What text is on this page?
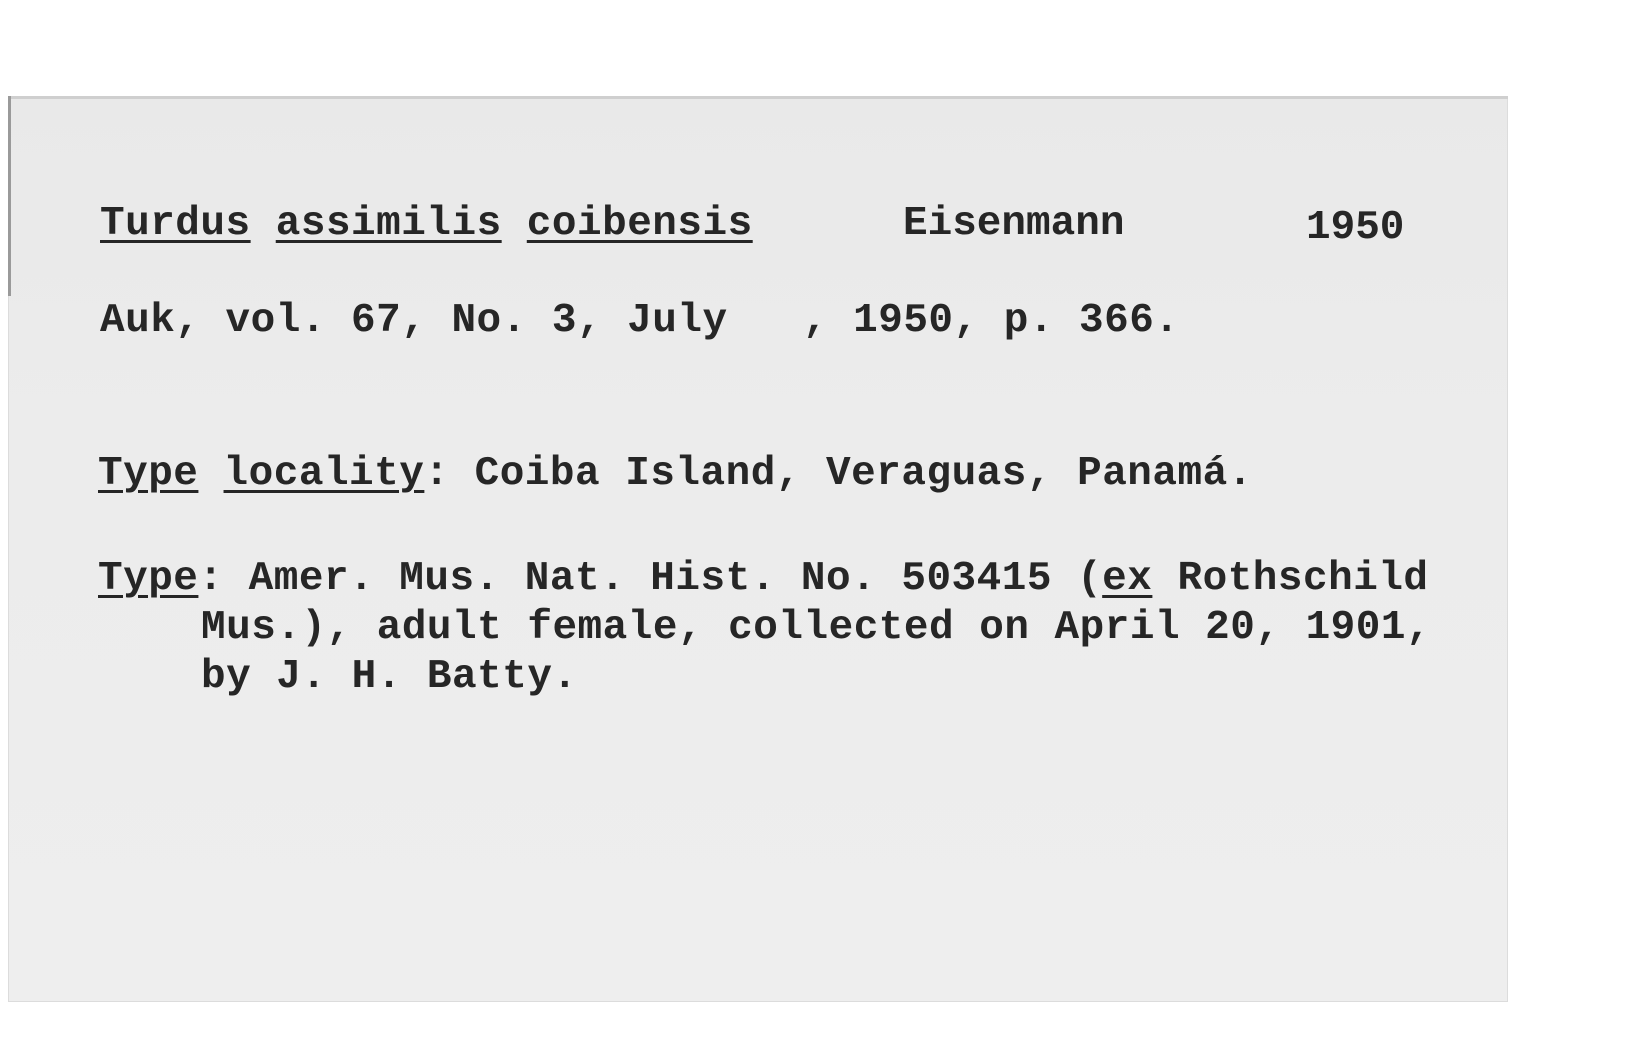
Turdus assimilis coibensis	Eisenmann	1950
Auk, vol. 67, No. 3, July   , 1950, p. 366.
Type locality: Coiba Island, Veraguas, Panamá.
Type: Amer. Mus. Nat. Hist. No. 503415 (ex Rothschild
Mus.), adult female, collected on April 20, 1901,
by J. H. Batty.
